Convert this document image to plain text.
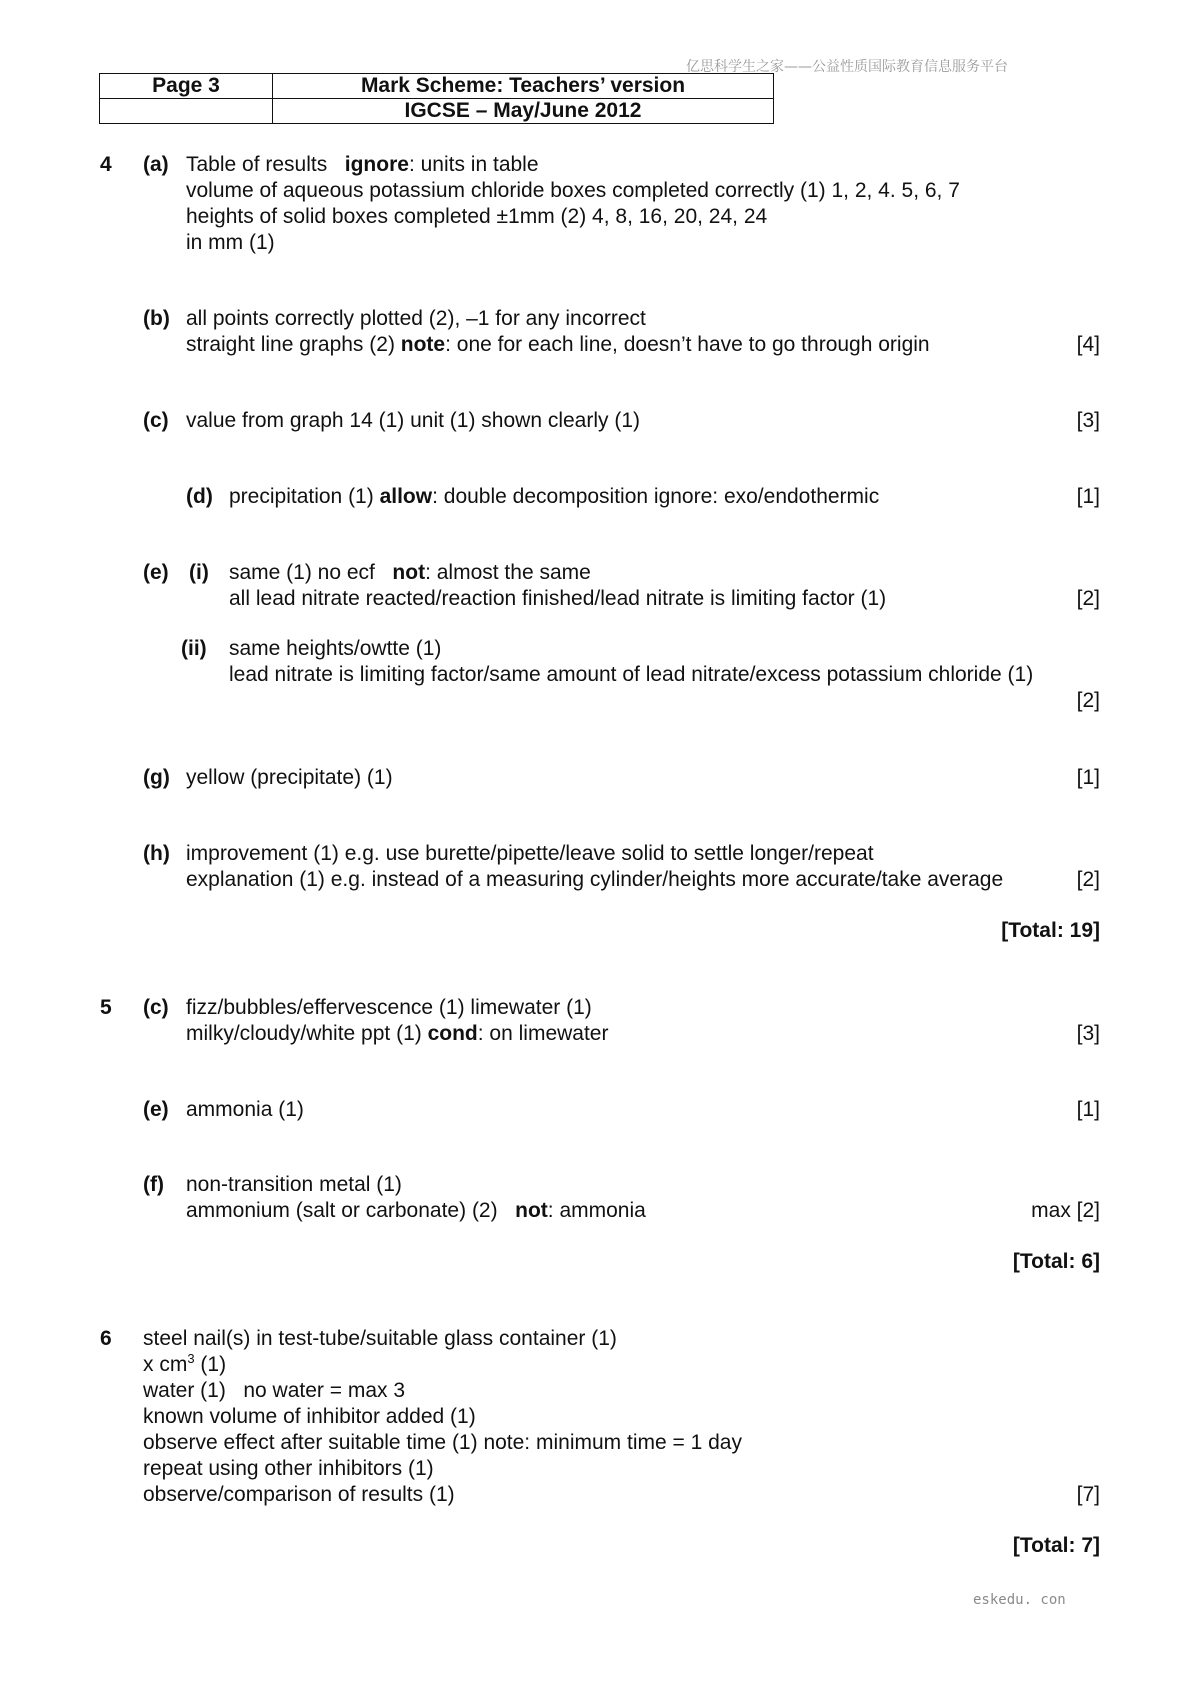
亿思科学生之家——公益性质国际教育信息服务平台
Page 3	Mark Scheme: Teachers’ version
	IGCSE – May/June 2012
4 (a) Table of results ignore: units in table
volume of aqueous potassium chloride boxes completed correctly (1) 1, 2, 4. 5, 6, 7
heights of solid boxes completed ±1mm (2) 4, 8, 16, 20, 24, 24
in mm (1)
(b) all points correctly plotted (2), –1 for any incorrect
straight line graphs (2) note: one for each line, doesn’t have to go through origin	[4]
(c) value from graph 14 (1) unit (1) shown clearly (1)	[3]
(d) precipitation (1) allow: double decomposition ignore: exo/endothermic	[1]
(e) (i) same (1) no ecf not: almost the same
all lead nitrate reacted/reaction finished/lead nitrate is limiting factor (1)	[2]
(ii) same heights/owtte (1)
lead nitrate is limiting factor/same amount of lead nitrate/excess potassium chloride (1)
[2]
(g) yellow (precipitate) (1)	[1]
(h) improvement (1) e.g. use burette/pipette/leave solid to settle longer/repeat
explanation (1) e.g. instead of a measuring cylinder/heights more accurate/take average	[2]
[Total: 19]
5 (c) fizz/bubbles/effervescence (1) limewater (1)
milky/cloudy/white ppt (1) cond: on limewater	[3]
(e) ammonia (1)	[1]
(f) non-transition metal (1)
ammonium (salt or carbonate) (2) not: ammonia	max [2]
[Total: 6]
6 steel nail(s) in test-tube/suitable glass container (1)
x $cm^3$ (1)
water (1)   no water = max 3
known volume of inhibitor added (1)
observe effect after suitable time (1) note: minimum time = 1 day
repeat using other inhibitors (1)
observe/comparison of results (1)	[7]
[Total: 7]
eskedu. con
